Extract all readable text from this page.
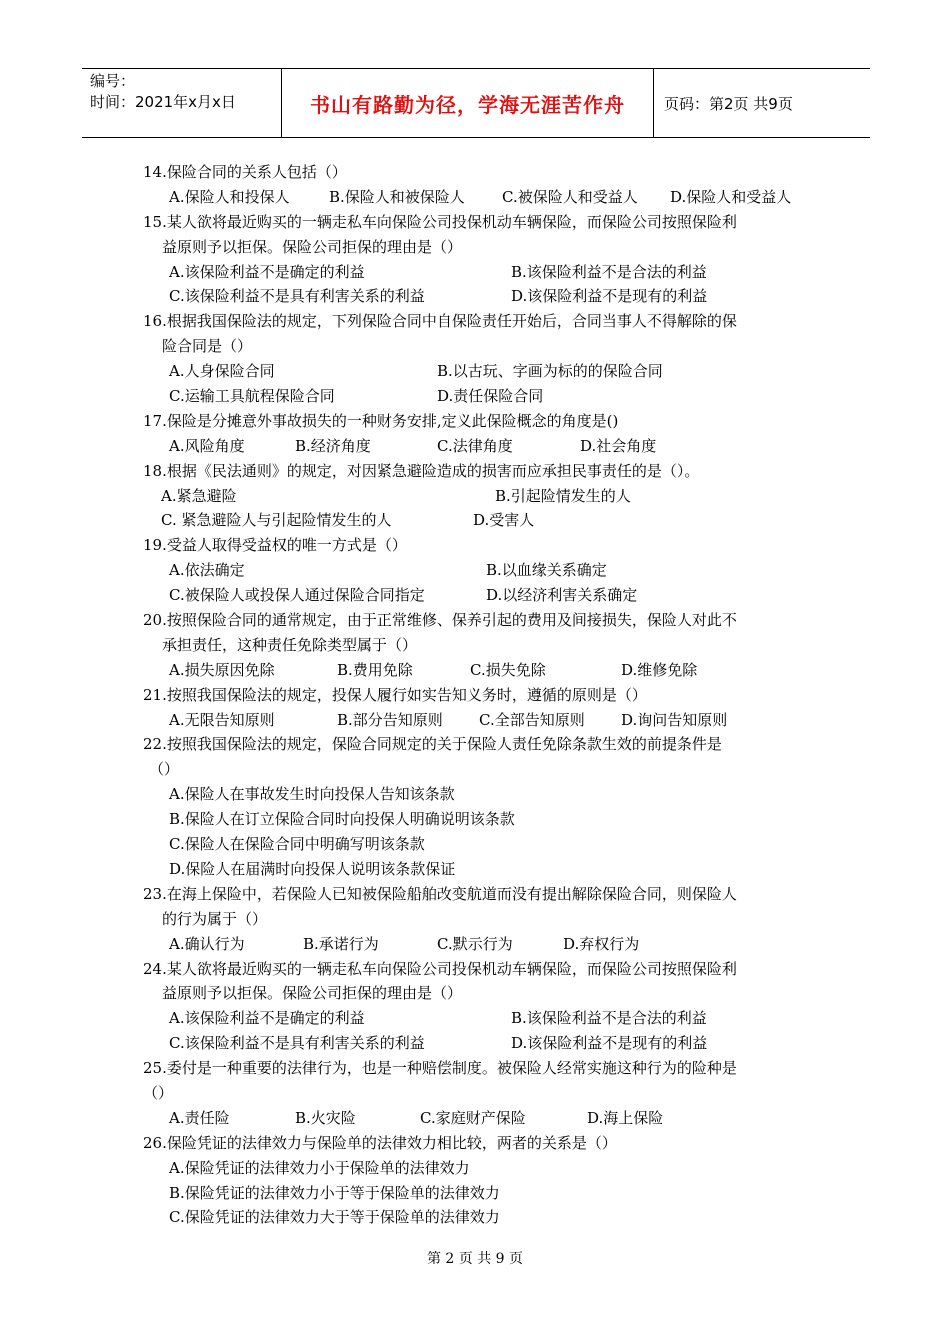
编号：
时间：2021年x月x日	书山有路勤为径，学海无涯苦作舟	页码：第2页 共9页
14.保险合同的关系人包括（）
A.保险人和投保人	B.保险人和被保险人	C.被保险人和受益人	D.保险人和受益人
15.某人欲将最近购买的一辆走私车向保险公司投保机动车辆保险，而保险公司按照保险利
益原则予以拒保。保险公司拒保的理由是（）
A.该保险利益不是确定的利益	B.该保险利益不是合法的利益
C.该保险利益不是具有利害关系的利益	D.该保险利益不是现有的利益
16.根据我国保险法的规定，下列保险合同中自保险责任开始后，合同当事人不得解除的保
险合同是（）
A.人身保险合同	B.以古玩、字画为标的的保险合同
C.运输工具航程保险合同	D.责任保险合同
17.保险是分摊意外事故损失的一种财务安排,定义此保险概念的角度是()
A.风险角度	B.经济角度	C.法律角度	D.社会角度
18.根据《民法通则》的规定，对因紧急避险造成的损害而应承担民事责任的是（）。
A.紧急避险	B.引起险情发生的人
C. 紧急避险人与引起险情发生的人	D.受害人
19.受益人取得受益权的唯一方式是（）
A.依法确定	B.以血缘关系确定
C.被保险人或投保人通过保险合同指定	D.以经济利害关系确定
20.按照保险合同的通常规定，由于正常维修、保养引起的费用及间接损失，保险人对此不
承担责任，这种责任免除类型属于（）
A.损失原因免除	B.费用免除	C.损失免除	D.维修免除
21.按照我国保险法的规定，投保人履行如实告知义务时，遵循的原则是（）
A.无限告知原则	B.部分告知原则	C.全部告知原则	D.询问告知原则
22.按照我国保险法的规定，保险合同规定的关于保险人责任免除条款生效的前提条件是
（）
A.保险人在事故发生时向投保人告知该条款
B.保险人在订立保险合同时向投保人明确说明该条款
C.保险人在保险合同中明确写明该条款
D.保险人在届满时向投保人说明该条款保证
23.在海上保险中，若保险人已知被保险船舶改变航道而没有提出解除保险合同，则保险人
的行为属于（）
A.确认行为	B.承诺行为	C.默示行为	D.弃权行为
24.某人欲将最近购买的一辆走私车向保险公司投保机动车辆保险，而保险公司按照保险利
益原则予以拒保。保险公司拒保的理由是（）
A.该保险利益不是确定的利益	B.该保险利益不是合法的利益
C.该保险利益不是具有利害关系的利益	D.该保险利益不是现有的利益
25.委付是一种重要的法律行为，也是一种赔偿制度。被保险人经常实施这种行为的险种是
（）
A.责任险	B.火灾险	C.家庭财产保险	D.海上保险
26.保险凭证的法律效力与保险单的法律效力相比较，两者的关系是（）
A.保险凭证的法律效力小于保险单的法律效力
B.保险凭证的法律效力小于等于保险单的法律效力
C.保险凭证的法律效力大于等于保险单的法律效力
第 2 页 共 9 页
